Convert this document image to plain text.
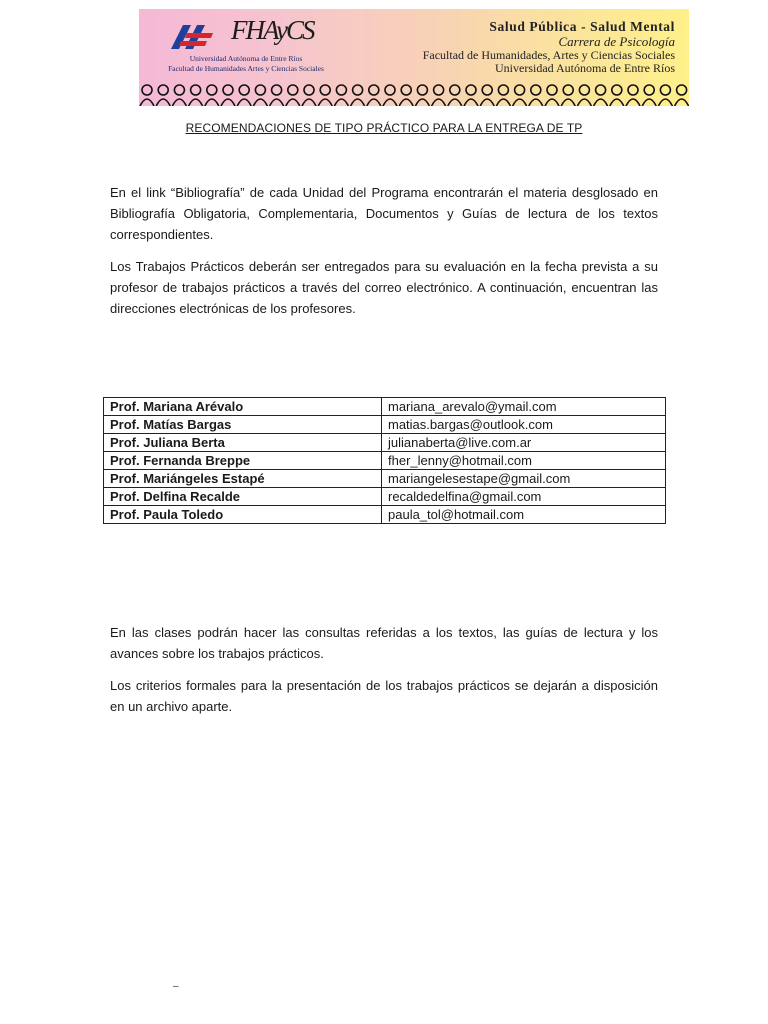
FHAyCS
Universidad Autónoma de Entre Ríos
Facultad de Humanidades Artes y Ciencias Sociales
Salud Pública - Salud Mental
Carrera de Psicología
Facultad de Humanidades, Artes y Ciencias Sociales
Universidad Autónoma de Entre Ríos
RECOMENDACIONES DE TIPO PRÁCTICO PARA LA ENTREGA DE TP
En el link “Bibliografía” de cada Unidad del Programa encontrarán el materia desglosado en Bibliografía Obligatoria, Complementaria, Documentos y Guías de lectura de los textos correspondientes.
Los Trabajos Prácticos deberán ser entregados para su evaluación en la fecha prevista a su profesor de trabajos prácticos a través del correo electrónico. A continuación, encuentran las direcciones electrónicas de los profesores.
Prof. Mariana Arévalo	mariana_arevalo@ymail.com
Prof. Matías Bargas	matias.bargas@outlook.com
Prof. Juliana Berta	julianaberta@live.com.ar
Prof. Fernanda Breppe	fher_lenny@hotmail.com
Prof. Mariángeles Estapé	mariangelesestape@gmail.com
Prof. Delfina Recalde	recaldedelfina@gmail.com
Prof. Paula Toledo	paula_tol@hotmail.com
En las clases podrán hacer las consultas referidas a los textos, las guías de lectura y los avances sobre los trabajos prácticos.
Los criterios formales para la presentación de los trabajos prácticos se dejarán a disposición en un archivo aparte.
–
